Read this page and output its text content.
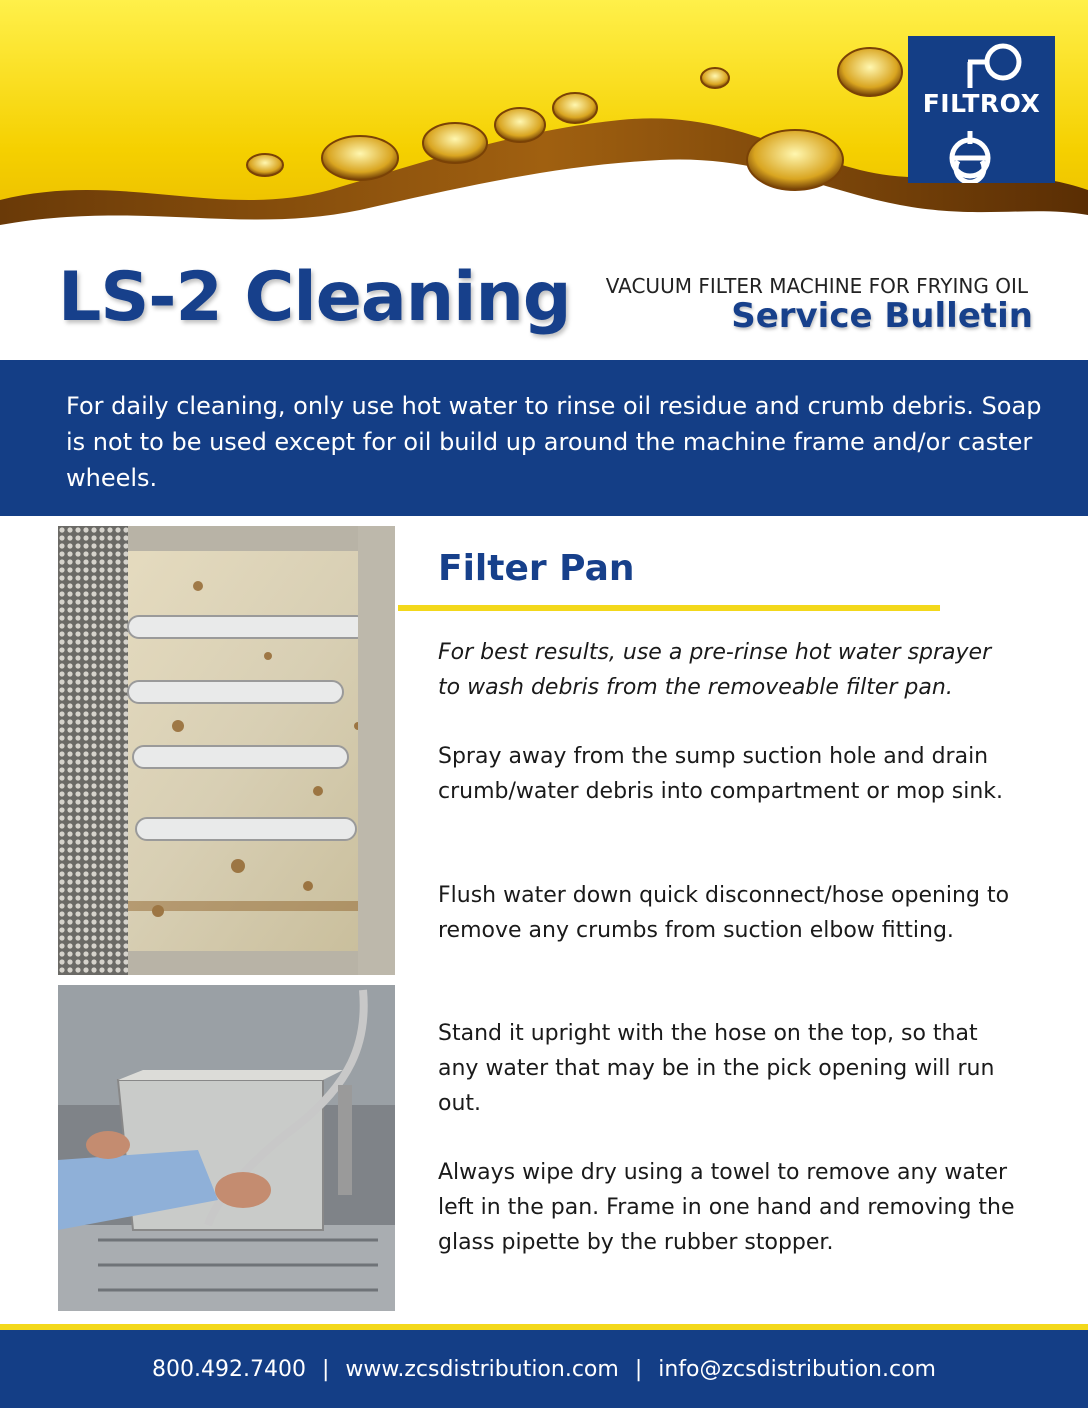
FILTROX
LS-2 Cleaning VACUUM FILTER MACHINE FOR FRYING OIL
Service Bulletin

For daily cleaning, only use hot water to rinse oil residue and crumb debris. Soap is not to be used except for oil build up around the machine frame and/or caster wheels.

Filter Pan

For best results, use a pre-rinse hot water sprayer to wash debris from the removeable filter pan.

Spray away from the sump suction hole and drain crumb/water debris into compartment or mop sink.

Flush water down quick disconnect/hose opening to remove any crumbs from suction elbow fitting.

Stand it upright with the hose on the top, so that any water that may be in the pick opening will run out.

Always wipe dry using a towel to remove any water left in the pan. Frame in one hand and removing the glass pipette by the rubber stopper.

800.492.7400 | www.zcsdistribution.com | info@zcsdistribution.com
